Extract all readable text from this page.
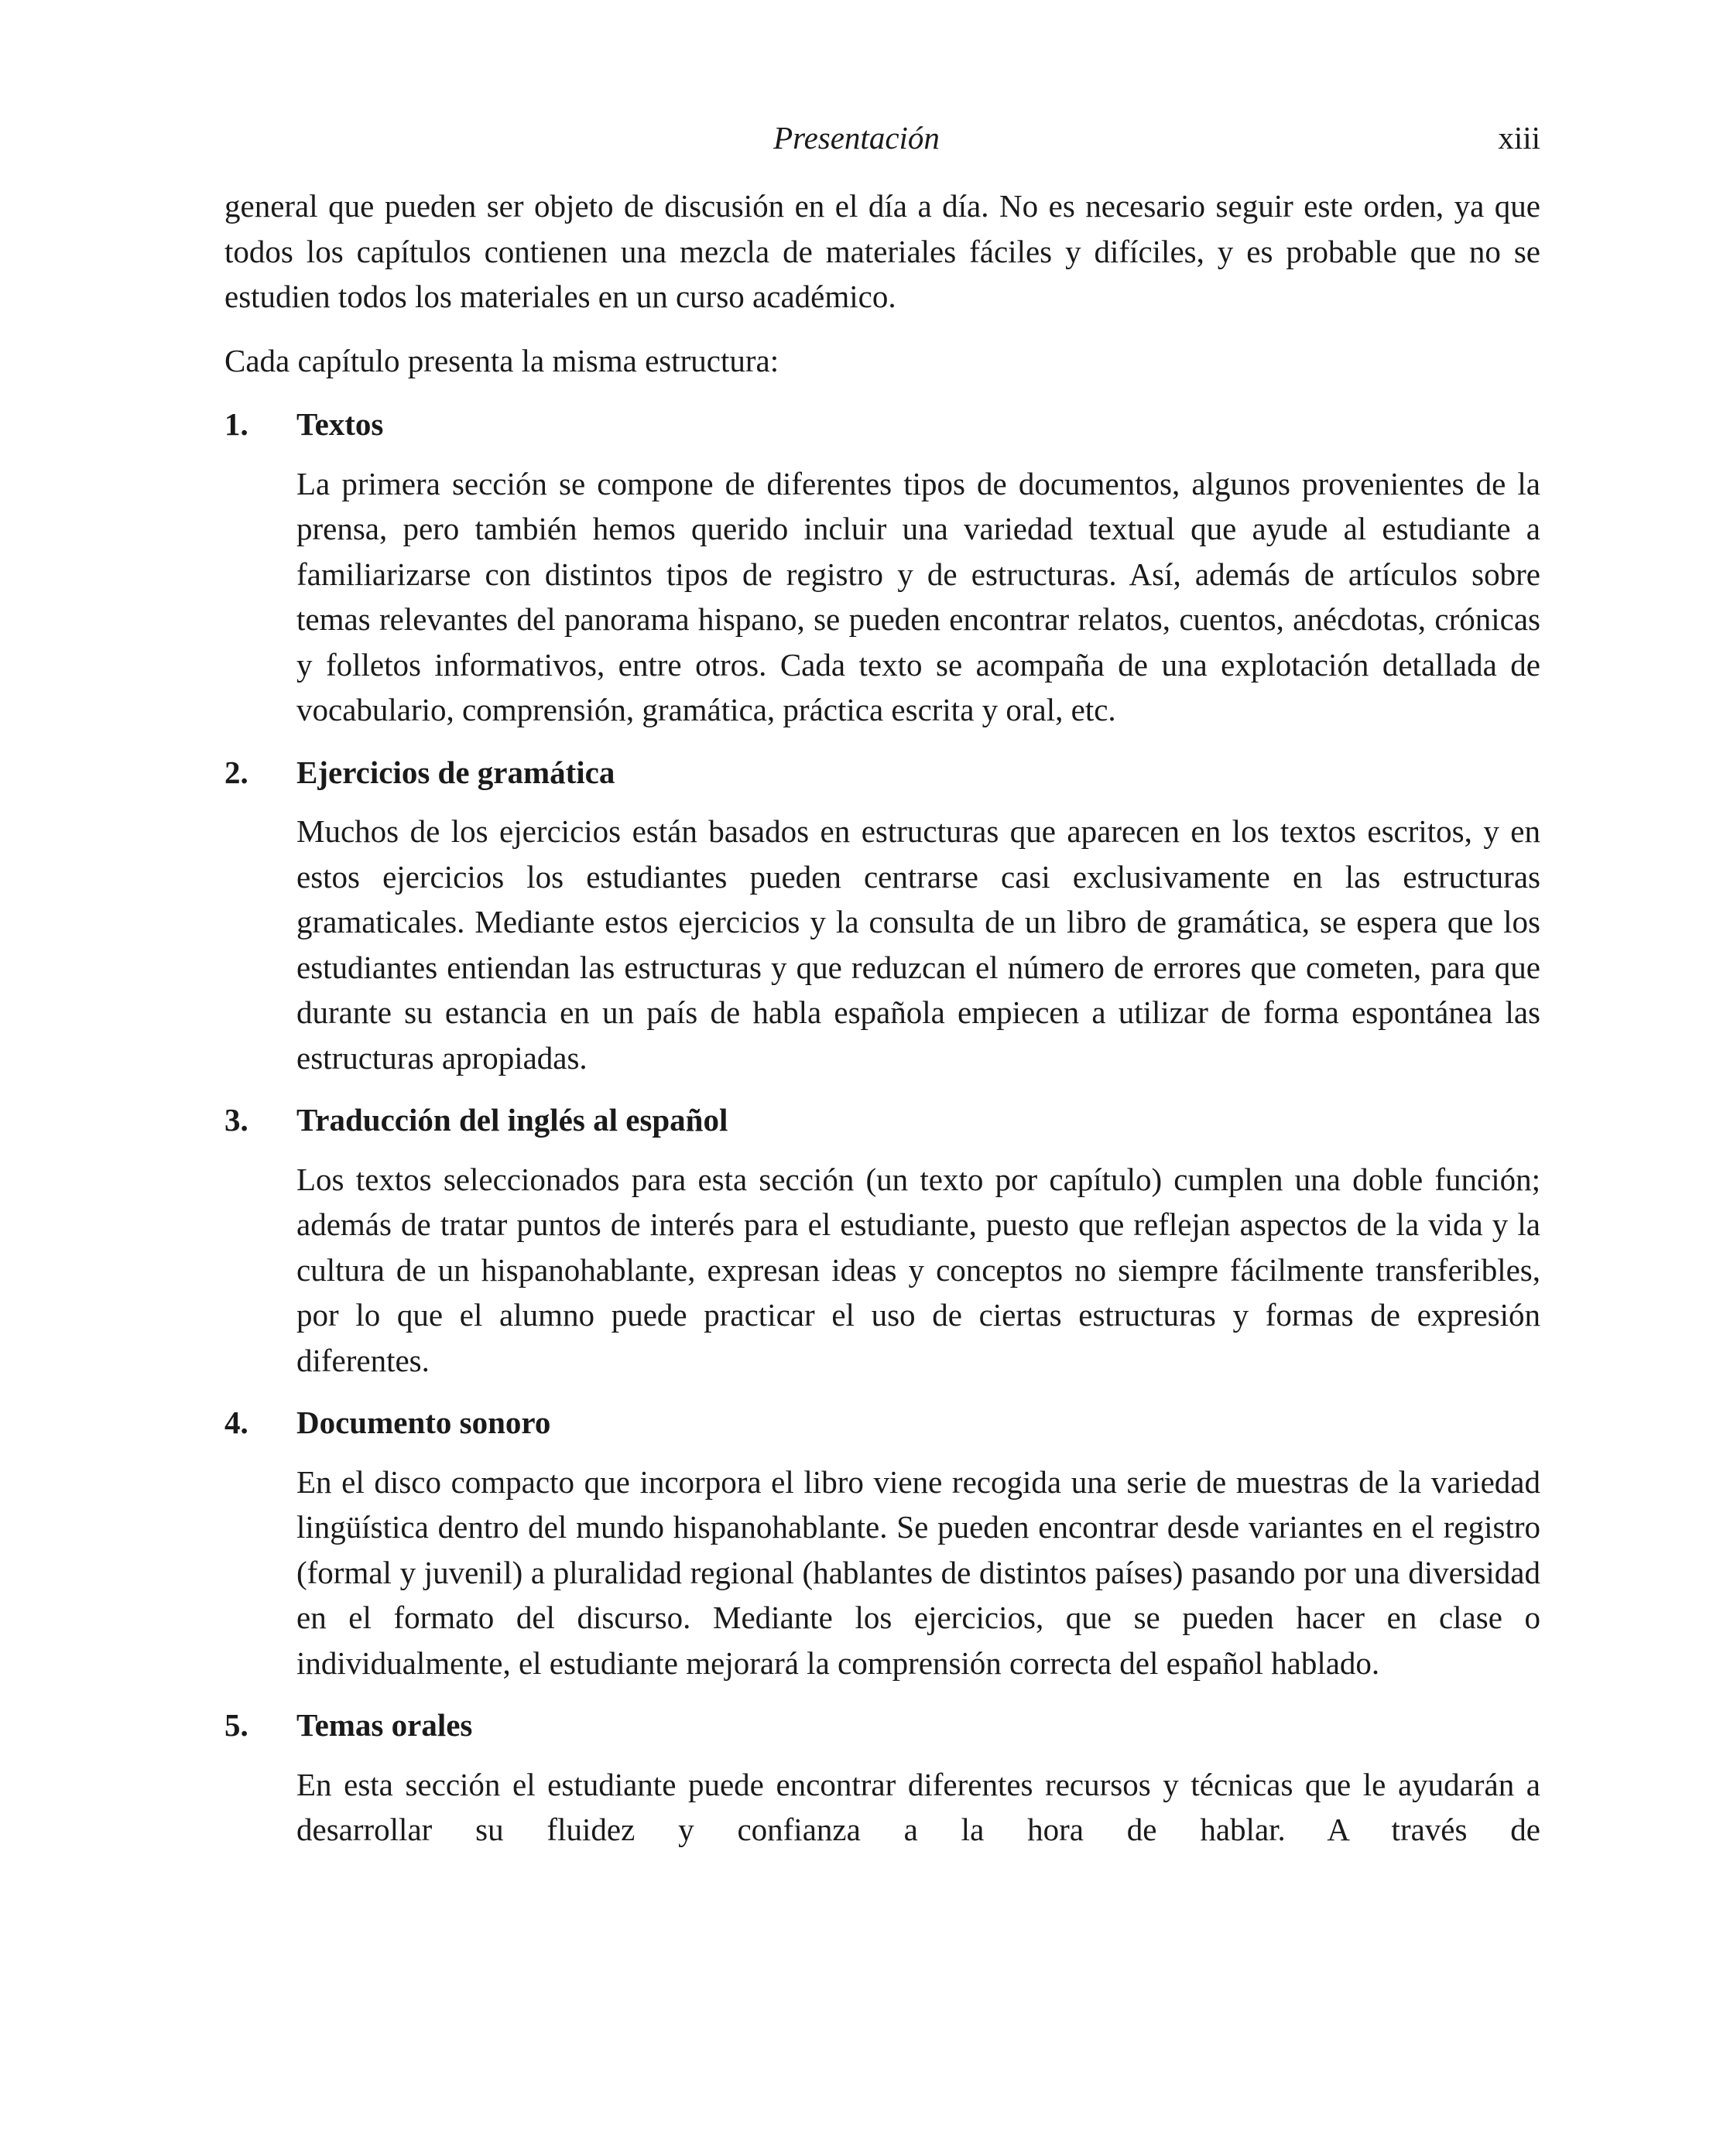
Presentación	xiii

general que pueden ser objeto de discusión en el día a día. No es necesario seguir este orden, ya que todos los capítulos contienen una mezcla de materiales fáciles y difíciles, y es probable que no se estudien todos los materiales en un curso académico.

Cada capítulo presenta la misma estructura:

1.	Textos

La primera sección se compone de diferentes tipos de documentos, algunos provenientes de la prensa, pero también hemos querido incluir una variedad textual que ayude al estudiante a familiarizarse con distintos tipos de registro y de estructuras. Así, además de artículos sobre temas relevantes del panorama hispano, se pueden encontrar relatos, cuentos, anécdotas, crónicas y folletos informativos, entre otros. Cada texto se acompaña de una explotación detallada de vocabulario, comprensión, gramática, práctica escrita y oral, etc.

2.	Ejercicios de gramática

Muchos de los ejercicios están basados en estructuras que aparecen en los textos escritos, y en estos ejercicios los estudiantes pueden centrarse casi exclusivamente en las estructuras gramaticales. Mediante estos ejercicios y la consulta de un libro de gramática, se espera que los estudiantes entiendan las estructuras y que reduzcan el número de errores que cometen, para que durante su estancia en un país de habla española empiecen a utilizar de forma espontánea las estructuras apropiadas.

3.	Traducción del inglés al español

Los textos seleccionados para esta sección (un texto por capítulo) cumplen una doble función; además de tratar puntos de interés para el estudiante, puesto que reflejan aspectos de la vida y la cultura de un hispanohablante, expresan ideas y conceptos no siempre fácilmente transferibles, por lo que el alumno puede practicar el uso de ciertas estructuras y formas de expresión diferentes.

4.	Documento sonoro

En el disco compacto que incorpora el libro viene recogida una serie de muestras de la variedad lingüística dentro del mundo hispanohablante. Se pueden encontrar desde variantes en el registro (formal y juvenil) a pluralidad regional (hablantes de distintos países) pasando por una diversidad en el formato del discurso. Mediante los ejercicios, que se pueden hacer en clase o individualmente, el estudiante mejorará la comprensión correcta del español hablado.

5.	Temas orales

En esta sección el estudiante puede encontrar diferentes recursos y técnicas que le ayudarán a desarrollar su fluidez y confianza a la hora de hablar. A través de
